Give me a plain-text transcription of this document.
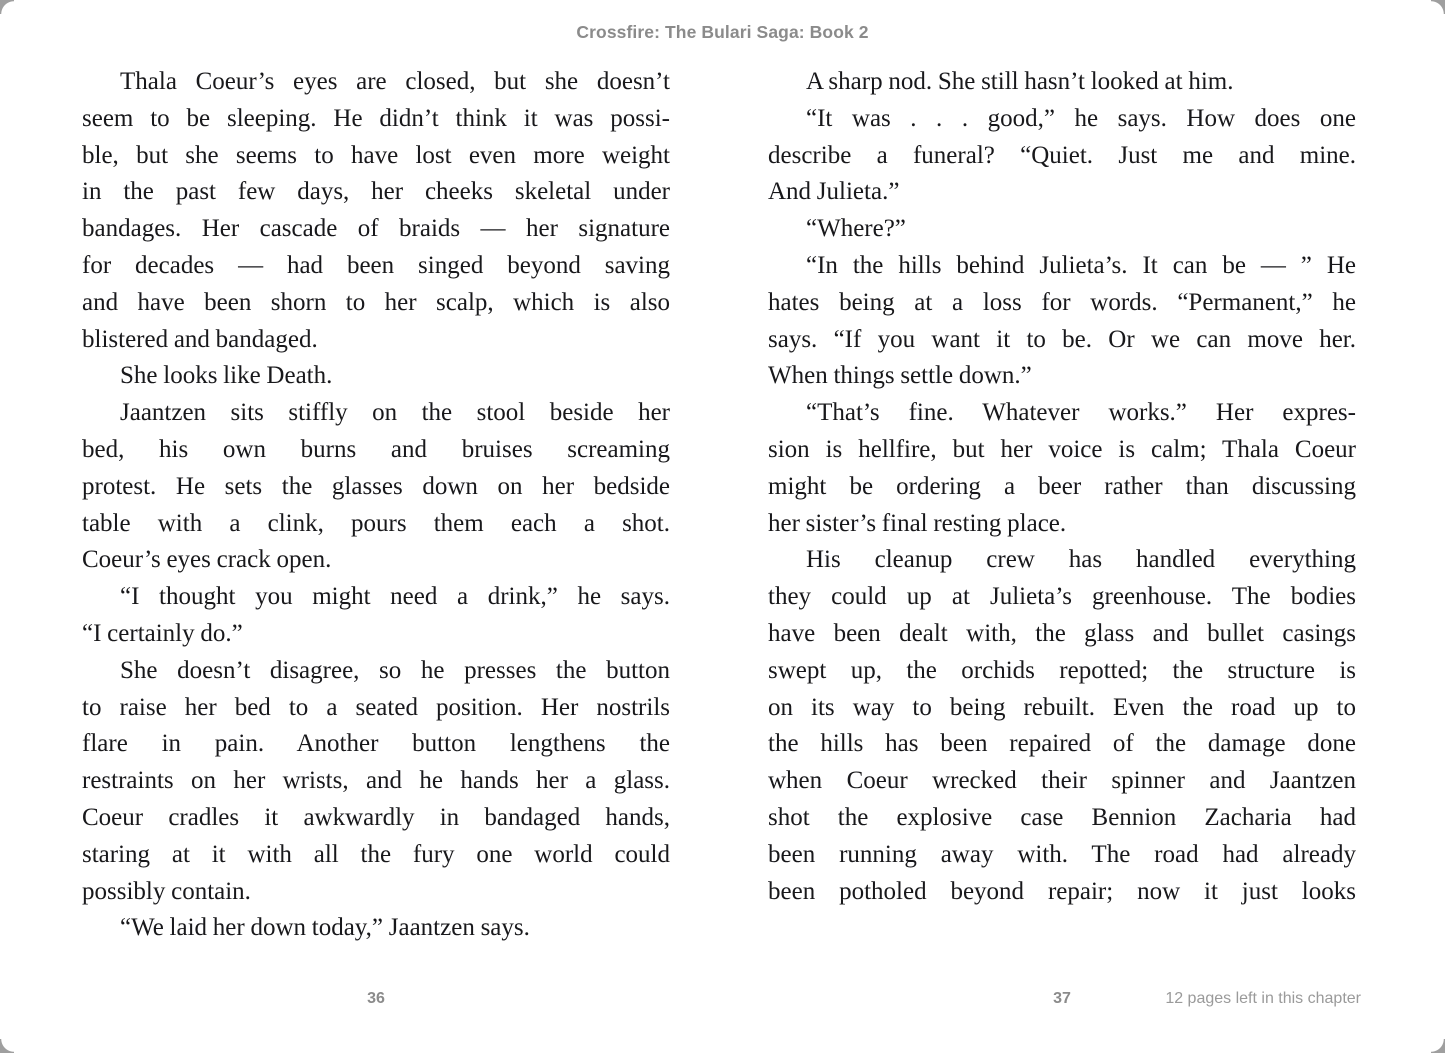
Crossfire: The Bulari Saga: Book 2
Thala Coeur’s eyes are closed, but she doesn’t
seem to be sleeping. He didn’t think it was possi-
ble, but she seems to have lost even more weight
in the past few days, her cheeks skeletal under
bandages. Her cascade of braids — her signature
for decades — had been singed beyond saving
and have been shorn to her scalp, which is also
blistered and bandaged.
She looks like Death.
Jaantzen sits stiffly on the stool beside her
bed, his own burns and bruises screaming
protest. He sets the glasses down on her bedside
table with a clink, pours them each a shot.
Coeur’s eyes crack open.
“I thought you might need a drink,” he says.
“I certainly do.”
She doesn’t disagree, so he presses the button
to raise her bed to a seated position. Her nostrils
flare in pain. Another button lengthens the
restraints on her wrists, and he hands her a glass.
Coeur cradles it awkwardly in bandaged hands,
staring at it with all the fury one world could
possibly contain.
“We laid her down today,” Jaantzen says.
A sharp nod. She still hasn’t looked at him.
“It was . . . good,” he says. How does one
describe a funeral? “Quiet. Just me and mine.
And Julieta.”
“Where?”
“In the hills behind Julieta’s. It can be — ” He
hates being at a loss for words. “Permanent,” he
says. “If you want it to be. Or we can move her.
When things settle down.”
“That’s fine. Whatever works.” Her expres-
sion is hellfire, but her voice is calm; Thala Coeur
might be ordering a beer rather than discussing
her sister’s final resting place.
His cleanup crew has handled everything
they could up at Julieta’s greenhouse. The bodies
have been dealt with, the glass and bullet casings
swept up, the orchids repotted; the structure is
on its way to being rebuilt. Even the road up to
the hills has been repaired of the damage done
when Coeur wrecked their spinner and Jaantzen
shot the explosive case Bennion Zacharia had
been running away with. The road had already
been potholed beyond repair; now it just looks
36	37	12 pages left in this chapter
